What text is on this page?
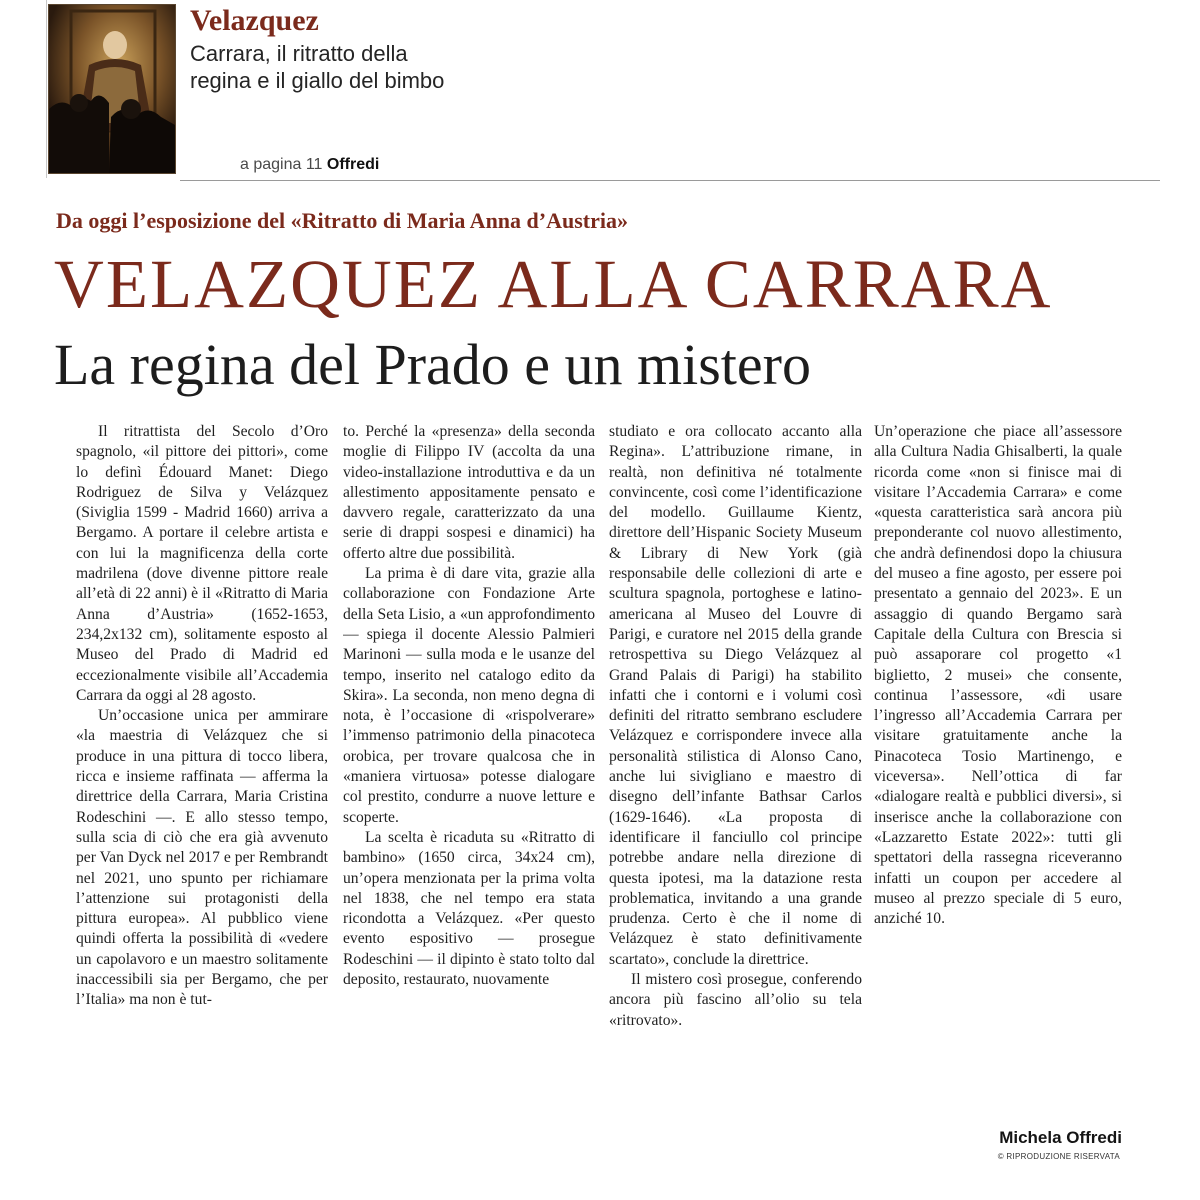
Velazquez
Carrara, il ritratto della regina e il giallo del bimbo
a pagina 11 Offredi
Da oggi l’esposizione del «Ritratto di Maria Anna d’Austria»
VELAZQUEZ ALLA CARRARA
La regina del Prado e un mistero

Il ritrattista del Secolo d’Oro spagnolo, «il pittore dei pittori», come lo definì Édouard Manet: Diego Rodriguez de Silva y Velázquez (Siviglia 1599 - Madrid 1660) arriva a Bergamo. A portare il celebre artista e con lui la magnificenza della corte madrilena (dove divenne pittore reale all’età di 22 anni) è il «Ritratto di Maria Anna d’Austria» (1652-1653, 234,2x132 cm), solitamente esposto al Museo del Prado di Madrid ed eccezionalmente visibile all’Accademia Carrara da oggi al 28 agosto.

Un’occasione unica per ammirare «la maestria di Velázquez che si produce in una pittura di tocco libera, ricca e insieme raffinata — afferma la direttrice della Carrara, Maria Cristina Rodeschini —. E allo stesso tempo, sulla scia di ciò che era già avvenuto per Van Dyck nel 2017 e per Rembrandt nel 2021, uno spunto per richiamare l’attenzione sui protagonisti della pittura europea». Al pubblico viene quindi offerta la possibilità di «vedere un capolavoro e un maestro solitamente inaccessibili sia per Bergamo, che per l’Italia» ma non è tut-

to. Perché la «presenza» della seconda moglie di Filippo IV (accolta da una video-installazione introduttiva e da un allestimento appositamente pensato e davvero regale, caratterizzato da una serie di drappi sospesi e dinamici) ha offerto altre due possibilità.

La prima è di dare vita, grazie alla collaborazione con Fondazione Arte della Seta Lisio, a «un approfondimento — spiega il docente Alessio Palmieri Marinoni — sulla moda e le usanze del tempo, inserito nel catalogo edito da Skira». La seconda, non meno degna di nota, è l’occasione di «rispolverare» l’immenso patrimonio della pinacoteca orobica, per trovare qualcosa che in «maniera virtuosa» potesse dialogare col prestito, condurre a nuove letture e scoperte.

La scelta è ricaduta su «Ritratto di bambino» (1650 circa, 34x24 cm), un’opera menzionata per la prima volta nel 1838, che nel tempo era stata ricondotta a Velázquez. «Per questo evento espositivo — prosegue Rodeschini — il dipinto è stato tolto dal deposito, restaurato, nuovamente

studiato e ora collocato accanto alla Regina». L’attribuzione rimane, in realtà, non definitiva né totalmente convincente, così come l’identificazione del modello. Guillaume Kientz, direttore dell’Hispanic Society Museum & Library di New York (già responsabile delle collezioni di arte e scultura spagnola, portoghese e latino-americana al Museo del Louvre di Parigi, e curatore nel 2015 della grande retrospettiva su Diego Velázquez al Grand Palais di Parigi) ha stabilito infatti che i contorni e i volumi così definiti del ritratto sembrano escludere Velázquez e corrispondere invece alla personalità stilistica di Alonso Cano, anche lui sivigliano e maestro di disegno dell’infante Bathsar Carlos (1629-1646). «La proposta di identificare il fanciullo col principe potrebbe andare nella direzione di questa ipotesi, ma la datazione resta problematica, invitando a una grande prudenza. Certo è che il nome di Velázquez è stato definitivamente scartato», conclude la direttrice.

Il mistero così prosegue, conferendo ancora più fascino all’olio su tela «ritrovato».

Un’operazione che piace all’assessore alla Cultura Nadia Ghisalberti, la quale ricorda come «non si finisce mai di visitare l’Accademia Carrara» e come «questa caratteristica sarà ancora più preponderante col nuovo allestimento, che andrà definendosi dopo la chiusura del museo a fine agosto, per essere poi presentato a gennaio del 2023». E un assaggio di quando Bergamo sarà Capitale della Cultura con Brescia si può assaporare col progetto «1 biglietto, 2 musei» che consente, continua l’assessore, «di usare l’ingresso all’Accademia Carrara per visitare gratuitamente anche la Pinacoteca Tosio Martinengo, e viceversa». Nell’ottica di far «dialogare realtà e pubblici diversi», si inserisce anche la collaborazione con «Lazzaretto Estate 2022»: tutti gli spettatori della rassegna riceveranno infatti un coupon per accedere al museo al prezzo speciale di 5 euro, anziché 10.

Michela Offredi
© RIPRODUZIONE RISERVATA
